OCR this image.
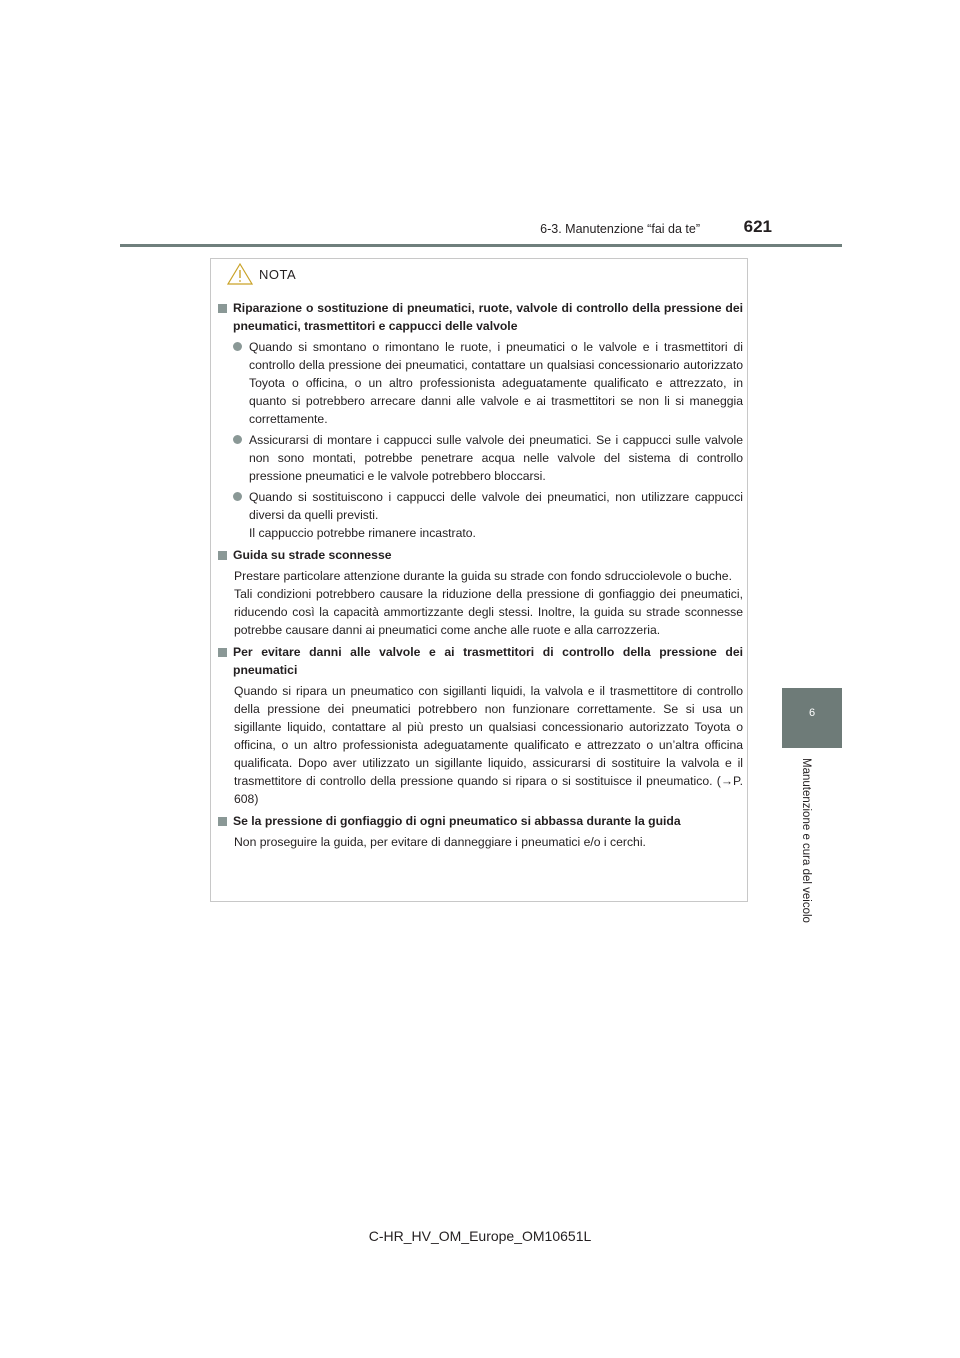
6-3. Manutenzione “fai da te”	621
6
Manutenzione e cura del veicolo
NOTA
Riparazione o sostituzione di pneumatici, ruote, valvole di controllo della pressione dei pneumatici, trasmettitori e cappucci delle valvole
Quando si smontano o rimontano le ruote, i pneumatici o le valvole e i trasmettitori di controllo della pressione dei pneumatici, contattare un qualsiasi concessionario autorizzato Toyota o officina, o un altro professionista adeguatamente qualificato e attrezzato, in quanto si potrebbero arrecare danni alle valvole e ai trasmettitori se non li si maneggia correttamente.
Assicurarsi di montare i cappucci sulle valvole dei pneumatici. Se i cappucci sulle valvole non sono montati, potrebbe penetrare acqua nelle valvole del sistema di controllo pressione pneumatici e le valvole potrebbero bloccarsi.
Quando si sostituiscono i cappucci delle valvole dei pneumatici, non utilizzare cappucci diversi da quelli previsti.
Il cappuccio potrebbe rimanere incastrato.
Guida su strade sconnesse
Prestare particolare attenzione durante la guida su strade con fondo sdrucciolevole o buche.
Tali condizioni potrebbero causare la riduzione della pressione di gonfiaggio dei pneumatici, riducendo così la capacità ammortizzante degli stessi. Inoltre, la guida su strade sconnesse potrebbe causare danni ai pneumatici come anche alle ruote e alla carrozzeria.
Per evitare danni alle valvole e ai trasmettitori di controllo della pressione dei pneumatici
Quando si ripara un pneumatico con sigillanti liquidi, la valvola e il trasmettitore di controllo della pressione dei pneumatici potrebbero non funzionare correttamente. Se si usa un sigillante liquido, contattare al più presto un qualsiasi concessionario autorizzato Toyota o officina, o un altro professionista adeguatamente qualificato e attrezzato o un’altra officina qualificata. Dopo aver utilizzato un sigillante liquido, assicurarsi di sostituire la valvola e il trasmettitore di controllo della pressione quando si ripara o si sostituisce il pneumatico. (→P. 608)
Se la pressione di gonfiaggio di ogni pneumatico si abbassa durante la guida
Non proseguire la guida, per evitare di danneggiare i pneumatici e/o i cerchi.
C-HR_HV_OM_Europe_OM10651L
